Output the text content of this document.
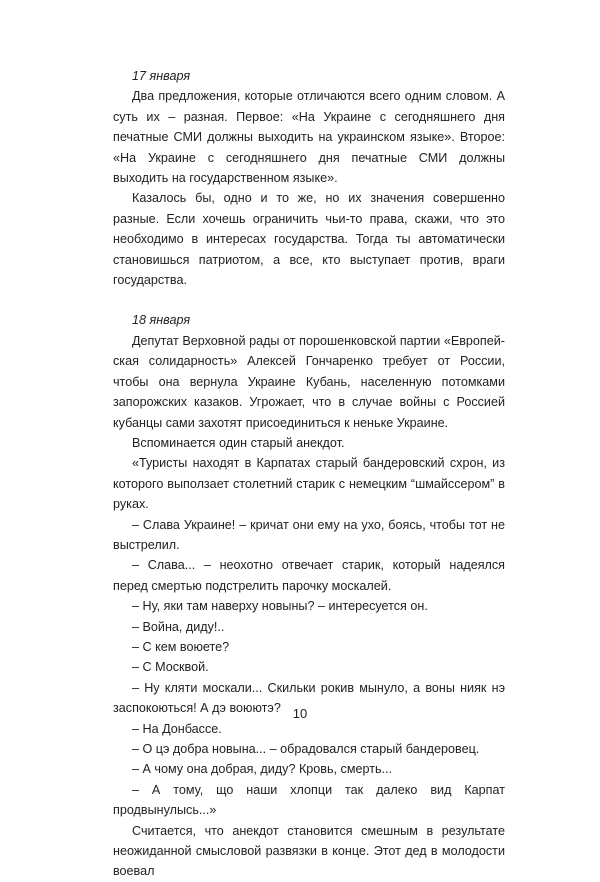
17 января

Два предложения, которые отличаются всего одним словом. А суть их – разная. Первое: «На Украине с сегодняшнего дня печатные СМИ должны выходить на украинском языке». Второе: «На Украине с сегодняшнего дня печатные СМИ должны выходить на государственном языке».

Казалось бы, одно и то же, но их значения совершенно разные. Если хочешь ограничить чьи-то права, скажи, что это необходимо в интересах государства. Тогда ты автоматически становишься патриотом, а все, кто выступает против, враги государства.

18 января

Депутат Верховной рады от порошенковской партии «Европейская солидарность» Алексей Гончаренко требует от России, чтобы она вернула Украине Кубань, населенную потомками запорожских казаков. Угрожает, что в случае войны с Россией кубанцы сами захотят присоединиться к неньке Украине.

Вспоминается один старый анекдот.

«Туристы находят в Карпатах старый бандеровский схрон, из которого выползает столетний старик с немецким “шмайссером” в руках.

– Слава Украине! – кричат они ему на ухо, боясь, чтобы тот не выстрелил.

– Слава... – неохотно отвечает старик, который надеялся перед смертью подстрелить парочку москалей.

– Ну, яки там наверху новыны? – интересуется он.

– Война, диду!..

– С кем воюете?

– С Москвой.

– Ну кляти москали... Скильки рокив мынуло, а воны нияк нэ заспокоються! А дэ воюютэ?

– На Донбассе.

– О цэ добра новына... – обрадовался старый бандеровец.

– А чому она добрая, диду? Кровь, смерть...

– А тому, що наши хлопци так далеко вид Карпат продвынулысь...»

Считается, что анекдот становится смешным в результате неожиданной смысловой развязки в конце. Этот дед в молодости воевал

10
